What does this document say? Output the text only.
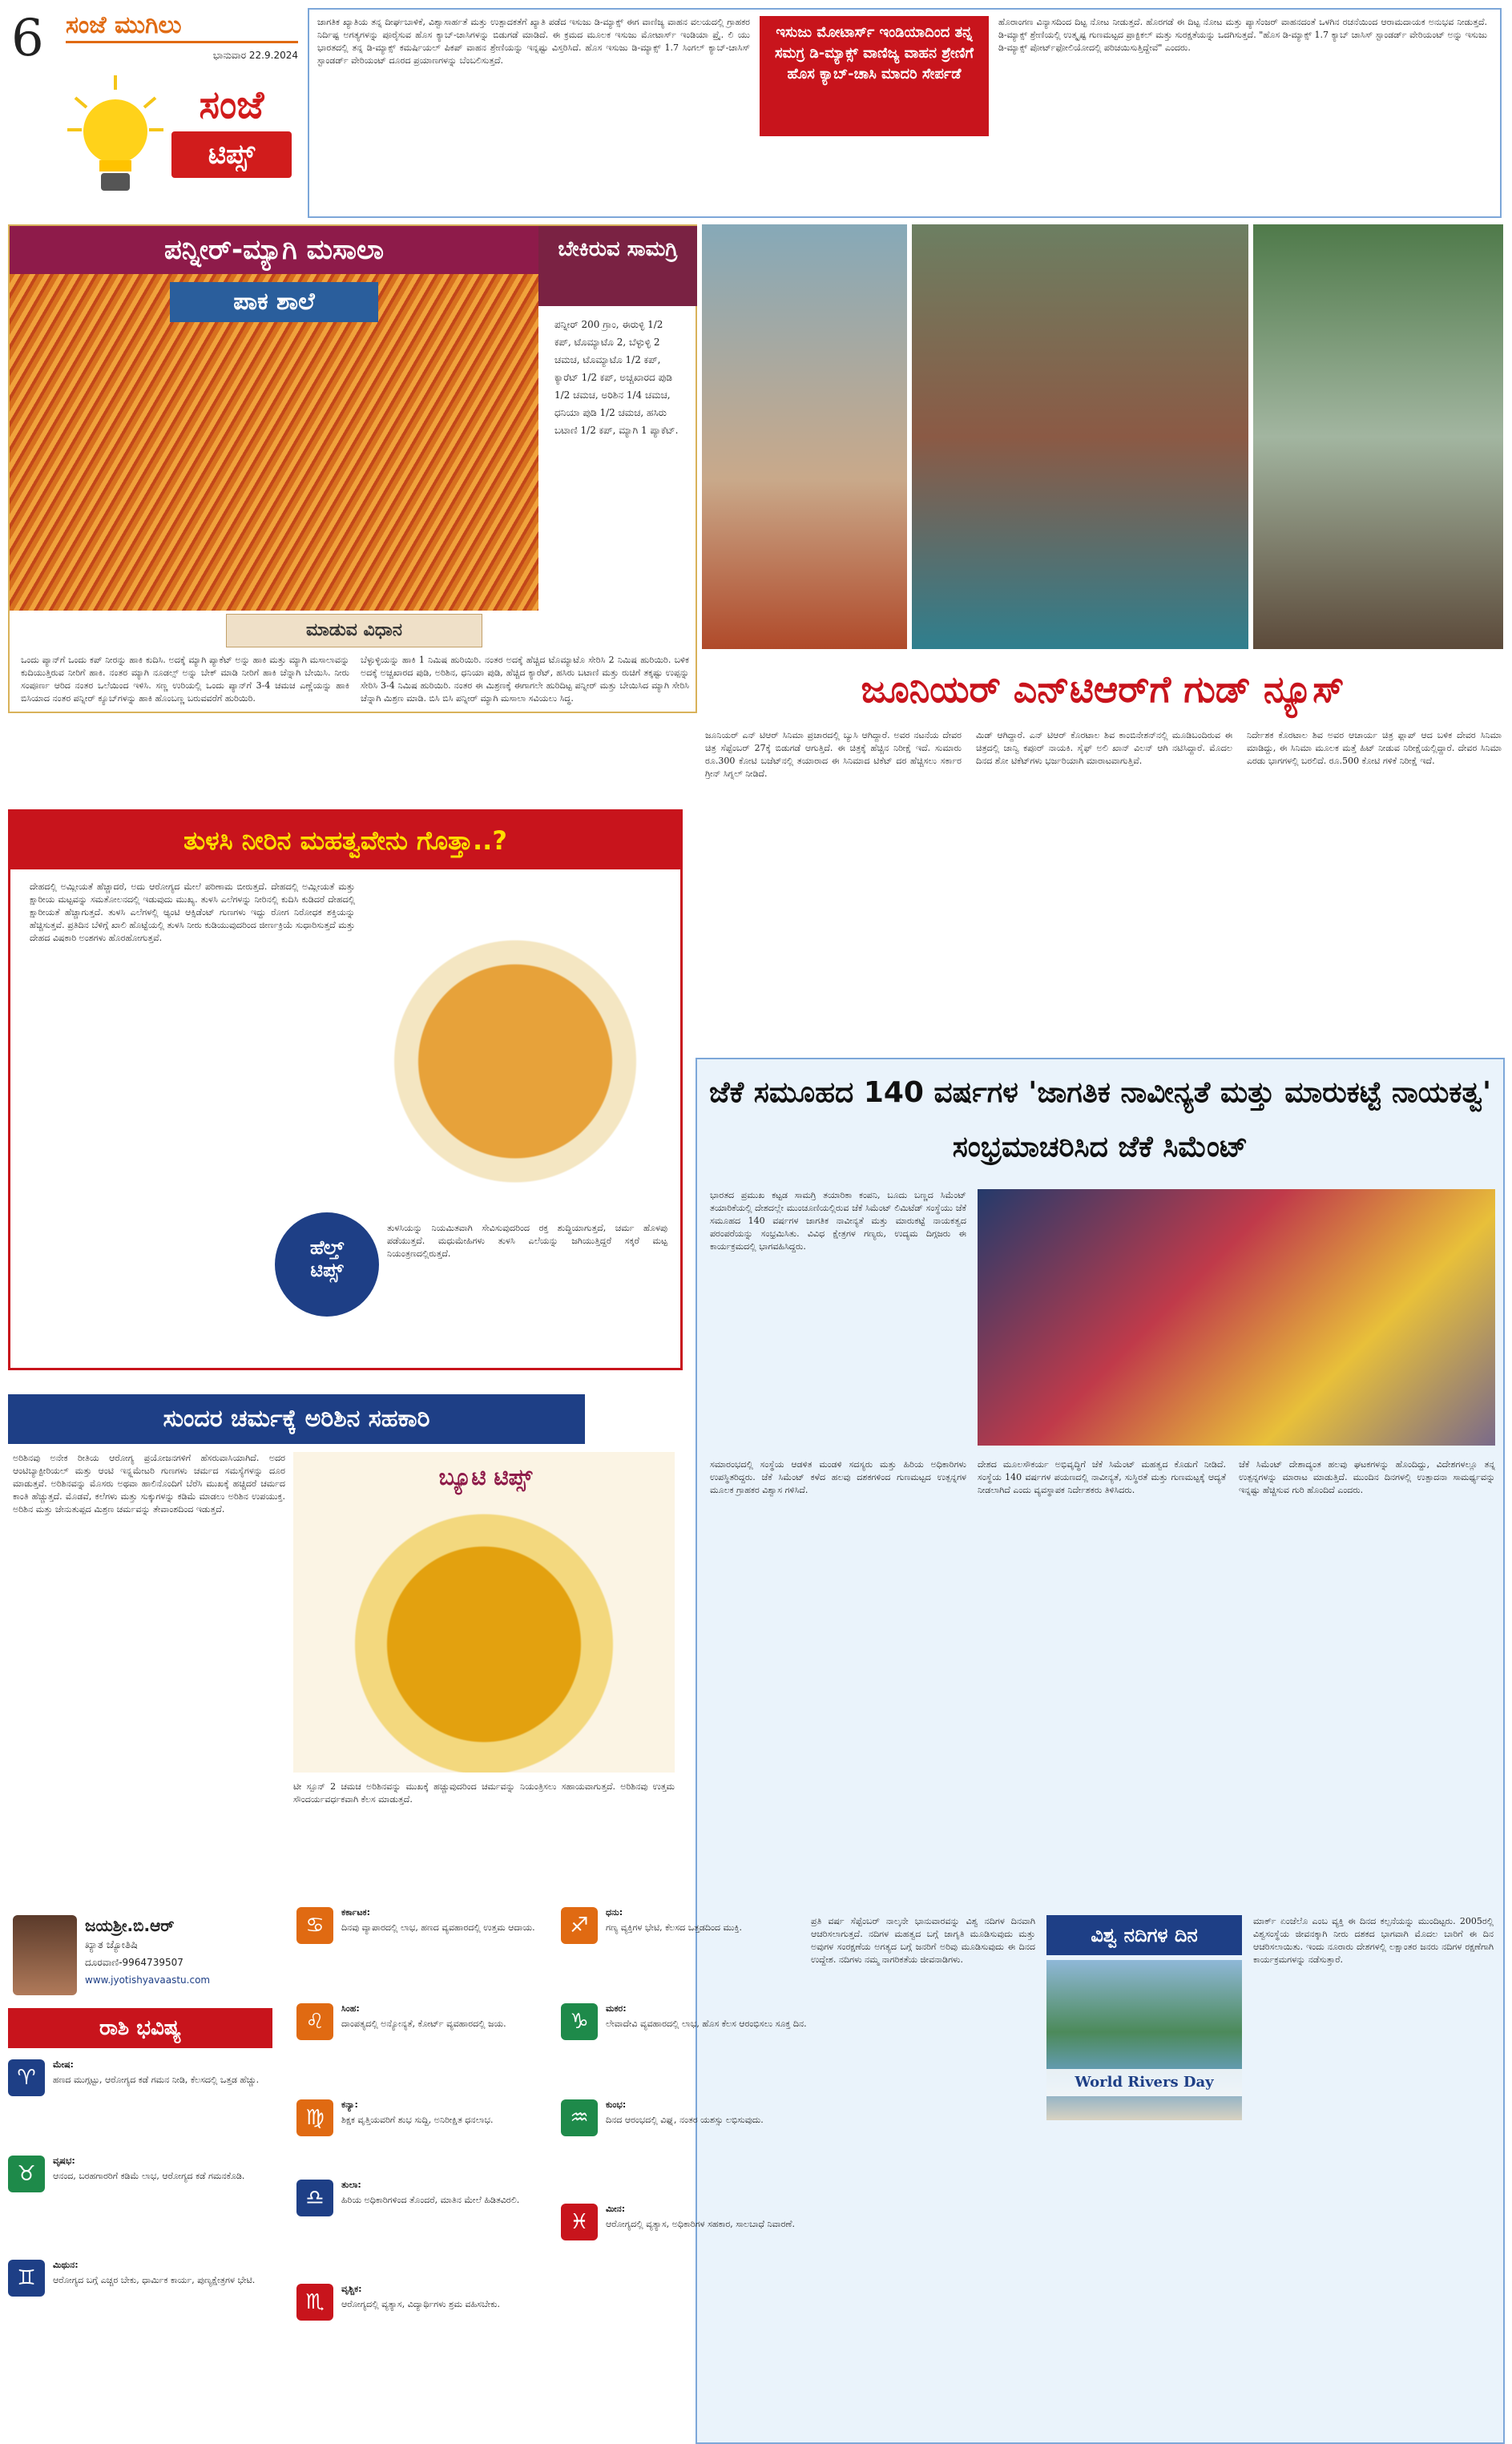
6 ಸಂಜೆ ಮುಗಿಲು
ಭಾನುವಾರ 22.9.2024
ಸಂಜೆ
ಟಿಪ್ಸ್
ಜಾಗತಿಕ ಖ್ಯಾತಿಯ ತನ್ನ ದೀರ್ಘಬಾಳಿಕೆ, ವಿಶ್ವಾಸಾರ್ಹತೆ ಮತ್ತು ಉತ್ಪಾದಕತೆಗೆ ಖ್ಯಾತಿ ಪಡೆದ ಇಸುಜು ಡಿ-ಮ್ಯಾಕ್ಸ್ ಈಗ ವಾಣಿಜ್ಯ ವಾಹನ ವಲಯದಲ್ಲಿ ಗ್ರಾಹಕರ ನಿರ್ದಿಷ್ಟ ಅಗತ್ಯಗಳನ್ನು ಪೂರೈಸುವ ಹೊಸ ಕ್ಯಾಬ್-ಚಾಸಿಗಳನ್ನು ಬಿಡುಗಡೆ ಮಾಡಿದೆ. ಈ ಕ್ರಮದ ಮೂಲಕ ಇಸುಜು ಮೋಟಾರ್ಸ್ ಇಂಡಿಯಾ ಪ್ರೈ. ಲಿ ಯು ಭಾರತದಲ್ಲಿ ತನ್ನ ಡಿ-ಮ್ಯಾಕ್ಸ್ ಕಮರ್ಷಿಯಲ್ ಪಿಕಪ್ ವಾಹನ ಶ್ರೇಣಿಯನ್ನು ಇನ್ನಷ್ಟು ವಿಸ್ತರಿಸಿದೆ. ಹೊಸ ಇಸುಜು ಡಿ-ಮ್ಯಾಕ್ಸ್ 1.7 ಸಿಂಗಲ್ ಕ್ಯಾಬ್-ಚಾಸಿಸ್ ಸ್ಟಾಂಡರ್ಡ್ ವೇರಿಯಂಟ್ ದೂರದ ಪ್ರಯಾಣಗಳನ್ನು ಬೆಂಬಲಿಸುತ್ತದೆ.
ಇಸುಜು ಮೋಟಾರ್ಸ್ ಇಂಡಿಯಾದಿಂದ ತನ್ನ ಸಮಗ್ರ ಡಿ-ಮ್ಯಾಕ್ಸ್ ವಾಣಿಜ್ಯ ವಾಹನ ಶ್ರೇಣಿಗೆ ಹೊಸ ಕ್ಯಾಬ್-ಚಾಸಿ ಮಾದರಿ ಸೇರ್ಪಡೆ
ಹೊರಾಂಗಣ ವಿನ್ಯಾಸದಿಂದ ದಿಟ್ಟ ನೋಟ ನೀಡುತ್ತದೆ. ಹೊರಗಡೆ ಈ ದಿಟ್ಟ ನೋಟ ಮತ್ತು ಪ್ಯಾಸೆಂಜರ್ ವಾಹನದಂತೆ ಒಳಗಿನ ರಚನೆಯಿಂದ ಆರಾಮದಾಯಕ ಅನುಭವ ನೀಡುತ್ತದೆ. ಡಿ-ಮ್ಯಾಕ್ಸ್ ಶ್ರೇಣಿಯಲ್ಲಿ ಉತ್ಕೃಷ್ಟ ಗುಣಮಟ್ಟದ ಪ್ರಾಕ್ಟಿಕಲ್ ಮತ್ತು ಸುರಕ್ಷತೆಯನ್ನು ಒದಗಿಸುತ್ತದೆ. "ಹೊಸ ಡಿ-ಮ್ಯಾಕ್ಸ್ 1.7 ಕ್ಯಾಬ್ ಚಾಸಿಸ್ ಸ್ಟಾಂಡರ್ಡ್ ವೇರಿಯಂಟ್ ಅನ್ನು ಇಸುಜು ಡಿ-ಮ್ಯಾಕ್ಸ್ ಪೋರ್ಟ್‌ಫೋಲಿಯೋದಲ್ಲಿ ಪರಿಚಯಿಸುತ್ತಿದ್ದೇವೆ" ಎಂದರು.
ಪನ್ನೀರ್-ಮ್ಯಾಗಿ ಮಸಾಲಾ
ಪಾಕ ಶಾಲೆ
ಬೇಕಿರುವ ಸಾಮಗ್ರಿ
ಪನ್ನೀರ್ 200 ಗ್ರಾಂ, ಈರುಳ್ಳಿ 1/2 ಕಪ್, ಟೊಮ್ಯಾಟೊ 2, ಬೆಳ್ಳುಳ್ಳಿ 2 ಚಮಚ, ಟೊಮ್ಯಾಟೊ 1/2 ಕಪ್, ಕ್ಯಾರೆಟ್ 1/2 ಕಪ್, ಅಚ್ಚಖಾರದ ಪುಡಿ 1/2 ಚಮಚ, ಅರಿಶಿನ 1/4 ಚಮಚ, ಧನಿಯಾ ಪುಡಿ 1/2 ಚಮಚ, ಹಸಿರು ಬಟಾಣಿ 1/2 ಕಪ್, ಮ್ಯಾಗಿ 1 ಪ್ಯಾಕೆಟ್.
ಮಾಡುವ ವಿಧಾನ
ಒಂದು ಪ್ಯಾನ್‌ಗೆ ಒಂದು ಕಪ್ ನೀರನ್ನು ಹಾಕಿ ಕುದಿಸಿ. ಅದಕ್ಕೆ ಮ್ಯಾಗಿ ಪ್ಯಾಕೆಟ್ ಅನ್ನು ಹಾಕಿ ಮತ್ತು ಮ್ಯಾಗಿ ಮಸಾಲಾವನ್ನು ಕುದಿಯುತ್ತಿರುವ ನೀರಿಗೆ ಹಾಕಿ. ನಂತರ ಮ್ಯಾಗಿ ನೂಡಲ್ಸ್ ಅನ್ನು ಬೇಕ್ ಮಾಡಿ ನೀರಿಗೆ ಹಾಕಿ ಚೆನ್ನಾಗಿ ಬೇಯಿಸಿ. ನೀರು ಸಂಪೂರ್ಣ ಆರಿದ ನಂತರ ಒಲೆಯಿಂದ ಇಳಿಸಿ. ಸಣ್ಣ ಉರಿಯಲ್ಲಿ ಒಂದು ಪ್ಯಾನ್‌ಗೆ 3-4 ಚಮಚ ಎಣ್ಣೆಯನ್ನು ಹಾಕಿ ಬಿಸಿಯಾದ ನಂತರ ಪನ್ನೀರ್ ಕ್ಯೂಬ್‌ಗಳನ್ನು ಹಾಕಿ ಹೊಂಬಣ್ಣ ಬರುವವರೆಗೆ ಹುರಿಯಿರಿ.
ಬೆಳ್ಳುಳ್ಳಿಯನ್ನು ಹಾಕಿ 1 ನಿಮಿಷ ಹುರಿಯಿರಿ. ನಂತರ ಅದಕ್ಕೆ ಹೆಚ್ಚಿದ ಟೊಮ್ಯಾಟೊ ಸೇರಿಸಿ 2 ನಿಮಿಷ ಹುರಿಯಿರಿ. ಬಳಿಕ ಅದಕ್ಕೆ ಅಚ್ಚಖಾರದ ಪುಡಿ, ಅರಿಶಿನ, ಧನಿಯಾ ಪುಡಿ, ಹೆಚ್ಚಿದ ಕ್ಯಾರೆಟ್, ಹಸಿರು ಬಟಾಣಿ ಮತ್ತು ರುಚಿಗೆ ತಕ್ಕಷ್ಟು ಉಪ್ಪನ್ನು ಸೇರಿಸಿ 3-4 ನಿಮಿಷ ಹುರಿಯಿರಿ. ನಂತರ ಈ ಮಿಶ್ರಣಕ್ಕೆ ಈಗಾಗಲೇ ಹುರಿದಿಟ್ಟ ಪನ್ನೀರ್ ಮತ್ತು ಬೇಯಿಸಿದ ಮ್ಯಾಗಿ ಸೇರಿಸಿ ಚೆನ್ನಾಗಿ ಮಿಶ್ರಣ ಮಾಡಿ. ಬಿಸಿ ಬಿಸಿ ಪನ್ನೀರ್ ಮ್ಯಾಗಿ ಮಸಾಲಾ ಸವಿಯಲು ಸಿದ್ಧ.
ತುಳಸಿ ನೀರಿನ ಮಹತ್ವವೇನು ಗೊತ್ತಾ..?
ದೇಹದಲ್ಲಿ ಅಮ್ಲೀಯತೆ ಹೆಚ್ಚಾದರೆ, ಅದು ಆರೋಗ್ಯದ ಮೇಲೆ ಪರಿಣಾಮ ಬೀರುತ್ತದೆ. ದೇಹದಲ್ಲಿ ಅಮ್ಲೀಯತೆ ಮತ್ತು ಕ್ಷಾರೀಯ ಮಟ್ಟವನ್ನು ಸಮತೋಲನದಲ್ಲಿ ಇಡುವುದು ಮುಖ್ಯ. ತುಳಸಿ ಎಲೆಗಳನ್ನು ನೀರಿನಲ್ಲಿ ಕುದಿಸಿ ಕುಡಿದರೆ ದೇಹದಲ್ಲಿ ಕ್ಷಾರೀಯತೆ ಹೆಚ್ಚಾಗುತ್ತದೆ. ತುಳಸಿ ಎಲೆಗಳಲ್ಲಿ ಆ್ಯಂಟಿ ಆಕ್ಸಿಡೆಂಟ್ ಗುಣಗಳು ಇದ್ದು ರೋಗ ನಿರೋಧಕ ಶಕ್ತಿಯನ್ನು ಹೆಚ್ಚಿಸುತ್ತವೆ. ಪ್ರತಿದಿನ ಬೆಳಿಗ್ಗೆ ಖಾಲಿ ಹೊಟ್ಟೆಯಲ್ಲಿ ತುಳಸಿ ನೀರು ಕುಡಿಯುವುದರಿಂದ ಜೀರ್ಣಕ್ರಿಯೆ ಸುಧಾರಿಸುತ್ತದೆ ಮತ್ತು ದೇಹದ ವಿಷಕಾರಿ ಅಂಶಗಳು ಹೊರಹೋಗುತ್ತವೆ.
ಹೆಲ್ತ್
ಟಿಪ್ಸ್
ತುಳಸಿಯನ್ನು ನಿಯಮಿತವಾಗಿ ಸೇವಿಸುವುದರಿಂದ ರಕ್ತ ಶುದ್ಧಿಯಾಗುತ್ತದೆ, ಚರ್ಮ ಹೊಳಪು ಪಡೆಯುತ್ತದೆ. ಮಧುಮೇಹಿಗಳು ತುಳಸಿ ಎಲೆಯನ್ನು ಜಗಿಯುತ್ತಿದ್ದರೆ ಸಕ್ಕರೆ ಮಟ್ಟ ನಿಯಂತ್ರಣದಲ್ಲಿರುತ್ತದೆ.
ಸುಂದರ ಚರ್ಮಕ್ಕೆ ಅರಿಶಿನ ಸಹಕಾರಿ
ಅರಿಶಿನವು ಅನೇಕ ರೀತಿಯ ಆರೋಗ್ಯ ಪ್ರಯೋಜನಗಳಿಗೆ ಹೆಸರುವಾಸಿಯಾಗಿದೆ. ಅದರ ಆಂಟಿಬ್ಯಾಕ್ಟೀರಿಯಲ್ ಮತ್ತು ಆಂಟಿ ಇನ್ಫ್ಲಮೇಟರಿ ಗುಣಗಳು ಚರ್ಮದ ಸಮಸ್ಯೆಗಳನ್ನು ದೂರ ಮಾಡುತ್ತವೆ. ಅರಿಶಿನವನ್ನು ಮೊಸರು ಅಥವಾ ಹಾಲಿನೊಂದಿಗೆ ಬೆರೆಸಿ ಮುಖಕ್ಕೆ ಹಚ್ಚಿದರೆ ಚರ್ಮದ ಕಾಂತಿ ಹೆಚ್ಚುತ್ತದೆ. ಮೊಡವೆ, ಕಲೆಗಳು ಮತ್ತು ಸುಕ್ಕುಗಳನ್ನು ಕಡಿಮೆ ಮಾಡಲು ಅರಿಶಿನ ಉಪಯುಕ್ತ. ಅರಿಶಿನ ಮತ್ತು ಜೇನುತುಪ್ಪದ ಮಿಶ್ರಣ ಚರ್ಮವನ್ನು ತೇವಾಂಶದಿಂದ ಇಡುತ್ತದೆ.
ಬ್ಯೂಟಿ ಟಿಪ್ಸ್
ಟೀ ಸ್ಪೂನ್ 2 ಚಮಚ ಅರಿಶಿನವನ್ನು ಮುಖಕ್ಕೆ ಹಚ್ಚುವುದರಿಂದ ಚರ್ಮವನ್ನು ನಿಯಂತ್ರಿಸಲು ಸಹಾಯವಾಗುತ್ತದೆ. ಅರಿಶಿನವು ಉತ್ತಮ ಸೌಂದರ್ಯವರ್ಧಕವಾಗಿ ಕೆಲಸ ಮಾಡುತ್ತದೆ.
ಜೂನಿಯರ್ ಎನ್‌ಟಿಆರ್‌ಗೆ ಗುಡ್ ನ್ಯೂಸ್
ಜೂನಿಯರ್ ಎನ್ ಟಿಆರ್ ಸಿನಿಮಾ ಪ್ರಚಾರದಲ್ಲಿ ಬ್ಯುಸಿ ಆಗಿದ್ದಾರೆ. ಅವರ ನಟನೆಯ ದೇವರ ಚಿತ್ರ ಸೆಪ್ಟೆಂಬರ್ 27ಕ್ಕೆ ಬಿಡುಗಡೆ ಆಗುತ್ತಿದೆ. ಈ ಚಿತ್ರಕ್ಕೆ ಹೆಚ್ಚಿನ ನಿರೀಕ್ಷೆ ಇದೆ. ಸುಮಾರು ರೂ.300 ಕೋಟಿ ಬಜೆಟ್‌ನಲ್ಲಿ ತಯಾರಾದ ಈ ಸಿನಿಮಾದ ಟಿಕೆಟ್ ದರ ಹೆಚ್ಚಿಸಲು ಸರ್ಕಾರ ಗ್ರೀನ್ ಸಿಗ್ನಲ್ ನೀಡಿದೆ.
ಮಿಡ್ ಆಗಿದ್ದಾರೆ. ಎನ್ ಟಿಆರ್ ಕೊರಟಾಲ ಶಿವ ಕಾಂಬಿನೇಶನ್‌ನಲ್ಲಿ ಮೂಡಿಬಂದಿರುವ ಈ ಚಿತ್ರದಲ್ಲಿ ಜಾನ್ವಿ ಕಪೂರ್ ನಾಯಕಿ. ಸೈಫ್ ಅಲಿ ಖಾನ್ ವಿಲನ್ ಆಗಿ ನಟಿಸಿದ್ದಾರೆ. ಮೊದಲ ದಿನದ ಶೋ ಟಿಕೆಟ್‌ಗಳು ಭರ್ಜರಿಯಾಗಿ ಮಾರಾಟವಾಗುತ್ತಿವೆ.
ನಿರ್ದೇಶಕ ಕೊರಟಾಲ ಶಿವ ಅವರ ಆಚಾರ್ಯ ಚಿತ್ರ ಫ್ಲಾಪ್ ಆದ ಬಳಿಕ ದೇವರ ಸಿನಿಮಾ ಮಾಡಿದ್ದು, ಈ ಸಿನಿಮಾ ಮೂಲಕ ಮತ್ತೆ ಹಿಟ್ ನೀಡುವ ನಿರೀಕ್ಷೆಯಲ್ಲಿದ್ದಾರೆ. ದೇವರ ಸಿನಿಮಾ ಎರಡು ಭಾಗಗಳಲ್ಲಿ ಬರಲಿದೆ. ರೂ.500 ಕೋಟಿ ಗಳಿಕೆ ನಿರೀಕ್ಷೆ ಇದೆ.
ಜೆಕೆ ಸಮೂಹದ 140 ವರ್ಷಗಳ 'ಜಾಗತಿಕ ನಾವೀನ್ಯತೆ ಮತ್ತು ಮಾರುಕಟ್ಟೆ ನಾಯಕತ್ವ' ಸಂಭ್ರಮಾಚರಿಸಿದ ಜೆಕೆ ಸಿಮೆಂಟ್
ಭಾರತದ ಪ್ರಮುಖ ಕಟ್ಟಡ ಸಾಮಗ್ರಿ ತಯಾರಿಕಾ ಕಂಪನಿ, ಬೂದು ಬಣ್ಣದ ಸಿಮೆಂಟ್ ತಯಾರಿಕೆಯಲ್ಲಿ ದೇಶದಲ್ಲೇ ಮುಂಚೂಣಿಯಲ್ಲಿರುವ ಜೆಕೆ ಸಿಮೆಂಟ್ ಲಿಮಿಟೆಡ್ ಸಂಸ್ಥೆಯು ಜೆಕೆ ಸಮೂಹದ 140 ವರ್ಷಗಳ ಜಾಗತಿಕ ನಾವೀನ್ಯತೆ ಮತ್ತು ಮಾರುಕಟ್ಟೆ ನಾಯಕತ್ವದ ಪರಂಪರೆಯನ್ನು ಸಂಭ್ರಮಿಸಿತು. ವಿವಿಧ ಕ್ಷೇತ್ರಗಳ ಗಣ್ಯರು, ಉದ್ಯಮ ದಿಗ್ಗಜರು ಈ ಕಾರ್ಯಕ್ರಮದಲ್ಲಿ ಭಾಗವಹಿಸಿದ್ದರು.
ಸಮಾರಂಭದಲ್ಲಿ ಸಂಸ್ಥೆಯ ಆಡಳಿತ ಮಂಡಳಿ ಸದಸ್ಯರು ಮತ್ತು ಹಿರಿಯ ಅಧಿಕಾರಿಗಳು ಉಪಸ್ಥಿತರಿದ್ದರು. ಜೆಕೆ ಸಿಮೆಂಟ್ ಕಳೆದ ಹಲವು ದಶಕಗಳಿಂದ ಗುಣಮಟ್ಟದ ಉತ್ಪನ್ನಗಳ ಮೂಲಕ ಗ್ರಾಹಕರ ವಿಶ್ವಾಸ ಗಳಿಸಿದೆ.
ದೇಶದ ಮೂಲಸೌಕರ್ಯ ಅಭಿವೃದ್ಧಿಗೆ ಜೆಕೆ ಸಿಮೆಂಟ್ ಮಹತ್ವದ ಕೊಡುಗೆ ನೀಡಿದೆ. ಸಂಸ್ಥೆಯ 140 ವರ್ಷಗಳ ಪಯಣದಲ್ಲಿ ನಾವೀನ್ಯತೆ, ಸುಸ್ಥಿರತೆ ಮತ್ತು ಗುಣಮಟ್ಟಕ್ಕೆ ಆದ್ಯತೆ ನೀಡಲಾಗಿದೆ ಎಂದು ವ್ಯವಸ್ಥಾಪಕ ನಿರ್ದೇಶಕರು ತಿಳಿಸಿದರು.
ಜೆಕೆ ಸಿಮೆಂಟ್ ದೇಶಾದ್ಯಂತ ಹಲವು ಘಟಕಗಳನ್ನು ಹೊಂದಿದ್ದು, ವಿದೇಶಗಳಲ್ಲೂ ತನ್ನ ಉತ್ಪನ್ನಗಳನ್ನು ಮಾರಾಟ ಮಾಡುತ್ತಿದೆ. ಮುಂದಿನ ದಿನಗಳಲ್ಲಿ ಉತ್ಪಾದನಾ ಸಾಮರ್ಥ್ಯವನ್ನು ಇನ್ನಷ್ಟು ಹೆಚ್ಚಿಸುವ ಗುರಿ ಹೊಂದಿದೆ ಎಂದರು.
ಜಯಶ್ರೀ.ಬಿ.ಆರ್
ಖ್ಯಾತ ಜ್ಯೋತಿಷಿ
ದೂರವಾಣಿ-9964739507
www.jyotishyavaastu.com
ರಾಶಿ ಭವಿಷ್ಯ
♈
ಮೇಷ:
ಹಣದ ಮುಗ್ಗಟ್ಟು, ಆರೋಗ್ಯದ ಕಡೆ ಗಮನ ನೀಡಿ, ಕೆಲಸದಲ್ಲಿ ಒತ್ತಡ ಹೆಚ್ಚು.
♉
ವೃಷಭ:
ಆನಂದ, ಬರಹಗಾರರಿಗೆ ಕಡಿಮೆ ಲಾಭ, ಆರೋಗ್ಯದ ಕಡೆ ಗಮನಕೊಡಿ.
♊
ಮಿಥುನ:
ಆರೋಗ್ಯದ ಬಗ್ಗೆ ಎಚ್ಚರ ಬೇಕು, ಧಾರ್ಮಿಕ ಕಾರ್ಯ, ಪುಣ್ಯಕ್ಷೇತ್ರಗಳ ಭೇಟಿ.
♋
ಕರ್ಕಾಟಕ:
ದಿನವು ವ್ಯಾಪಾರದಲ್ಲಿ ಲಾಭ, ಹಣದ ವ್ಯವಹಾರದಲ್ಲಿ ಉತ್ತಮ ಆದಾಯ.
♌
ಸಿಂಹ:
ದಾಂಪತ್ಯದಲ್ಲಿ ಅನ್ಯೋನ್ಯತೆ, ಕೋರ್ಟ್ ವ್ಯವಹಾರದಲ್ಲಿ ಜಯ.
♍
ಕನ್ಯಾ:
ಶಿಕ್ಷಕ ವೃತ್ತಿಯವರಿಗೆ ಶುಭ ಸುದ್ದಿ, ಅನಿರೀಕ್ಷಿತ ಧನಲಾಭ.
♎
ತುಲಾ:
ಹಿರಿಯ ಅಧಿಕಾರಿಗಳಿಂದ ತೊಂದರೆ, ಮಾತಿನ ಮೇಲೆ ಹಿಡಿತವಿರಲಿ.
♏
ವೃಶ್ಚಿಕ:
ಆರೋಗ್ಯದಲ್ಲಿ ವ್ಯತ್ಯಾಸ, ವಿದ್ಯಾರ್ಥಿಗಳು ಶ್ರಮ ವಹಿಸಬೇಕು.
♐
ಧನು:
ಗಣ್ಯ ವ್ಯಕ್ತಿಗಳ ಭೇಟಿ, ಕೆಲಸದ ಒತ್ತಡದಿಂದ ಮುಕ್ತಿ.
♑
ಮಕರ:
ಲೇವಾದೇವಿ ವ್ಯವಹಾರದಲ್ಲಿ ಲಾಭ, ಹೊಸ ಕೆಲಸ ಆರಂಭಿಸಲು ಸೂಕ್ತ ದಿನ.
♒
ಕುಂಭ:
ದಿನದ ಆರಂಭದಲ್ಲಿ ವಿಘ್ನ, ನಂತರ ಯಶಸ್ಸು ಲಭಿಸುವುದು.
♓
ಮೀನ:
ಆರೋಗ್ಯದಲ್ಲಿ ವ್ಯತ್ಯಾಸ, ಅಧಿಕಾರಿಗಳ ಸಹಕಾರ, ಸಾಲಬಾಧೆ ನಿವಾರಣೆ.
ಪ್ರತಿ ವರ್ಷ ಸೆಪ್ಟೆಂಬರ್ ನಾಲ್ಕನೇ ಭಾನುವಾರವನ್ನು ವಿಶ್ವ ನದಿಗಳ ದಿನವಾಗಿ ಆಚರಿಸಲಾಗುತ್ತದೆ. ನದಿಗಳ ಮಹತ್ವದ ಬಗ್ಗೆ ಜಾಗೃತಿ ಮೂಡಿಸುವುದು ಮತ್ತು ಅವುಗಳ ಸಂರಕ್ಷಣೆಯ ಅಗತ್ಯದ ಬಗ್ಗೆ ಜನರಿಗೆ ಅರಿವು ಮೂಡಿಸುವುದು ಈ ದಿನದ ಉದ್ದೇಶ. ನದಿಗಳು ನಮ್ಮ ನಾಗರಿಕತೆಯ ಜೀವನಾಡಿಗಳು.
ವಿಶ್ವ ನದಿಗಳ ದಿನ
World Rivers Day
ಮಾರ್ಕ್ ಏಂಜೆಲೊ ಎಂಬ ವ್ಯಕ್ತಿ ಈ ದಿನದ ಕಲ್ಪನೆಯನ್ನು ಮುಂದಿಟ್ಟರು. 2005ರಲ್ಲಿ ವಿಶ್ವಸಂಸ್ಥೆಯ ಜೀವನಕ್ಕಾಗಿ ನೀರು ದಶಕದ ಭಾಗವಾಗಿ ಮೊದಲ ಬಾರಿಗೆ ಈ ದಿನ ಆಚರಿಸಲಾಯಿತು. ಇಂದು ನೂರಾರು ದೇಶಗಳಲ್ಲಿ ಲಕ್ಷಾಂತರ ಜನರು ನದಿಗಳ ರಕ್ಷಣೆಗಾಗಿ ಕಾರ್ಯಕ್ರಮಗಳನ್ನು ನಡೆಸುತ್ತಾರೆ.
